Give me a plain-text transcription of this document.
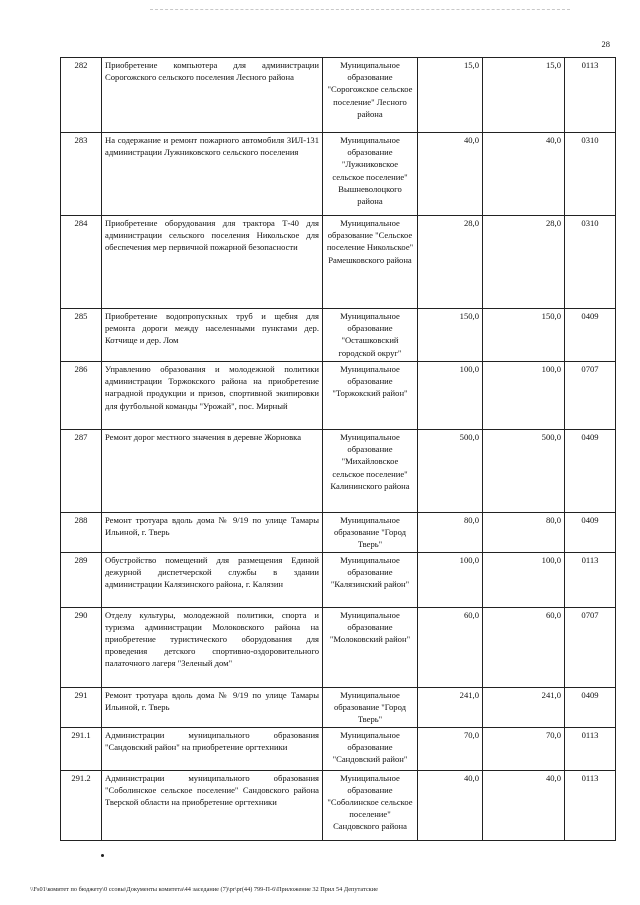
28
282	Приобретение компьютера для администрации Сорогожского сельского поселения Лесного района	Муниципальное образование "Сорогожское сельское поселение" Лесного района	15,0	15,0	0113
283	На содержание и ремонт пожарного автомобиля ЗИЛ-131 администрации Лужниковского сельского поселения	Муниципальное образование "Лужниковское сельское поселение" Вышневолоцкого района	40,0	40,0	0310
284	Приобретение оборудования для трактора Т-40 для администрации сельского поселения Никольское для обеспечения мер первичной пожарной безопасности	Муниципальное образование "Сельское поселение Никольское" Рамешковского района	28,0	28,0	0310
285	Приобретение водопропускных труб и щебня для ремонта дороги между населенными пунктами дер. Котчище и дер. Лом	Муниципальное образование "Осташковский городской округ"	150,0	150,0	0409
286	Управлению образования и молодежной политики администрации Торжокского района на приобретение наградной продукции и призов, спортивной экипировки для футбольной команды "Урожай", пос. Мирный	Муниципальное образование "Торжокский район"	100,0	100,0	0707
287	Ремонт дорог местного значения в деревне Жорновка	Муниципальное образование "Михайловское сельское поселение" Калининского района	500,0	500,0	0409
288	Ремонт тротуара вдоль дома № 9/19 по улице Тамары Ильиной, г. Тверь	Муниципальное образование "Город Тверь"	80,0	80,0	0409
289	Обустройство помещений для размещения Единой дежурной диспетчерской службы в здании администрации Калязинского района, г. Калязин	Муниципальное образование "Калязинский район"	100,0	100,0	0113
290	Отделу культуры, молодежной политики, спорта и туризма администрации Молоковского района на приобретение туристического оборудования для проведения детского спортивно-оздоровительного палаточного лагеря "Зеленый дом"	Муниципальное образование "Молоковский район"	60,0	60,0	0707
291	Ремонт тротуара вдоль дома № 9/19 по улице Тамары Ильиной, г. Тверь	Муниципальное образование "Город Тверь"	241,0	241,0	0409
291.1	Администрации муниципального образования "Сандовский район" на приобретение оргтехники	Муниципальное образование "Сандовский район"	70,0	70,0	0113
291.2	Администрации муниципального образования "Соболинское сельское поселение" Сандовского района Тверской области на приобретение оргтехники	Муниципальное образование "Соболинское сельское поселение" Сандовского района	40,0	40,0	0113
\\Fs01\комитет по бюджету\0 ссовы\Документы комитета\44 заседание (7)\pr\pr(44) 799-П-6\Приложение 32 Прил 54 Депутатские
